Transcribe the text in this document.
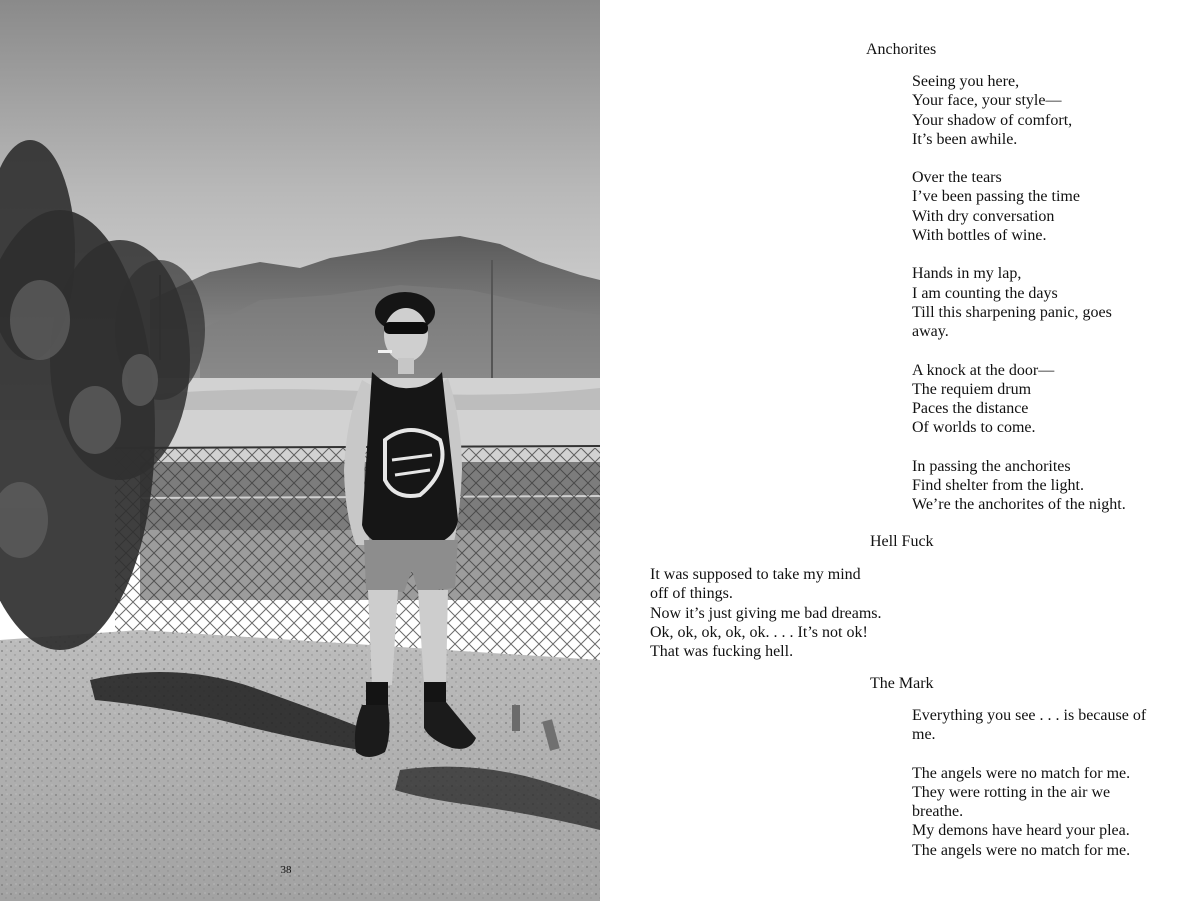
38
Anchorites
Seeing you here,
Your face, your style—
Your shadow of comfort,
It’s been awhile.
Over the tears
I’ve been passing the time
With dry conversation
With bottles of wine.
Hands in my lap,
I am counting the days
Till this sharpening panic, goes
away.
A knock at the door—
The requiem drum
Paces the distance
Of worlds to come.
In passing the anchorites
Find shelter from the light.
We’re the anchorites of the night.
Hell Fuck
It was supposed to take my mind
off of things.
Now it’s just giving me bad dreams.
Ok, ok, ok, ok, ok. . . . It’s not ok!
That was fucking hell.
The Mark
Everything you see . . . is because of
me.
The angels were no match for me.
They were rotting in the air we
breathe.
My demons have heard your plea.
The angels were no match for me.
